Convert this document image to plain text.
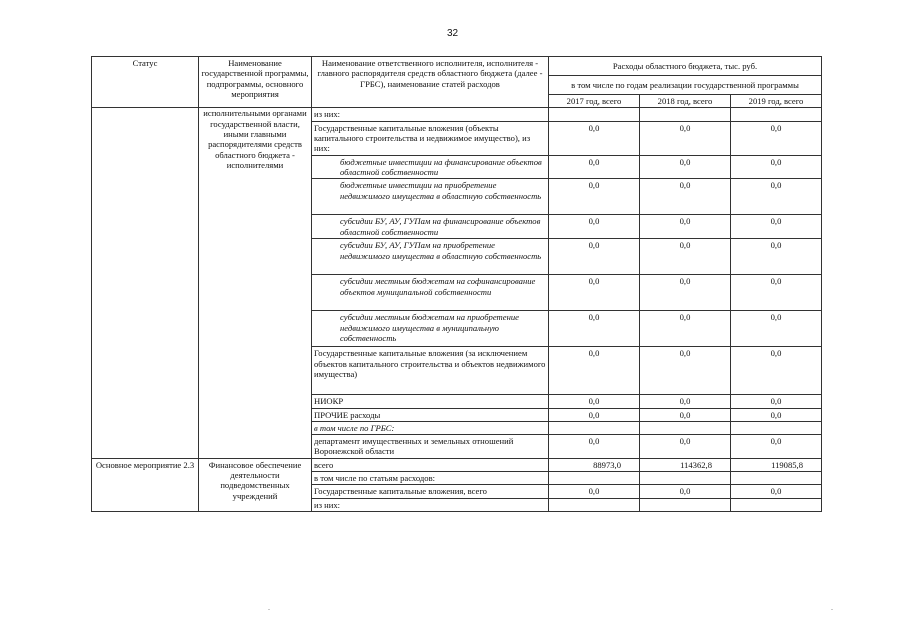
32
Статус	Наименование государственной программы, подпрограммы, основного мероприятия	Наименование ответственного исполнителя, исполнителя - главного распорядителя средств областного бюджета (далее - ГРБС), наименование статей расходов	Расходы областного бюджета, тыс. руб.		
			в том числе по годам реализации государственной программы		
			2017 год, всего	2018 год, всего	2019 год, всего
	исполнительными органами государственной власти, иными главными распорядителями средств областного бюджета - исполнителями	из них:			
		Государственные капитальные вложения (объекты капитального строительства и недвижимое имущество), из них:	0,0	0,0	0,0
		бюджетные инвестиции на финансирование объектов областной собственности	0,0	0,0	0,0
		бюджетные инвестиции на приобретение недвижимого имущества в областную собственность	0,0	0,0	0,0
		субсидии БУ, АУ, ГУПам на финансирование объектов областной собственности	0,0	0,0	0,0
		субсидии БУ, АУ, ГУПам на приобретение недвижимого имущества в областную собственность	0,0	0,0	0,0
		субсидии местным бюджетам на софинансирование объектов муниципальной собственности	0,0	0,0	0,0
		субсидии местным бюджетам на приобретение недвижимого имущества в муниципальную собственность	0,0	0,0	0,0
		Государственные капитальные вложения (за исключением объектов капитального строительства и объектов недвижимого имущества)	0,0	0,0	0,0
		НИОКР	0,0	0,0	0,0
		ПРОЧИЕ расходы	0,0	0,0	0,0
		в том числе по ГРБС:			
		департамент имущественных и земельных отношений Воронежской области	0,0	0,0	0,0
Основное мероприятие 2.3	Финансовое обеспечение деятельности подведомственных учреждений	всего	88973,0	114362,8	119085,8
		в том числе по статьям расходов:			
		Государственные капитальные вложения, всего	0,0	0,0	0,0
		из них:			
.	.
